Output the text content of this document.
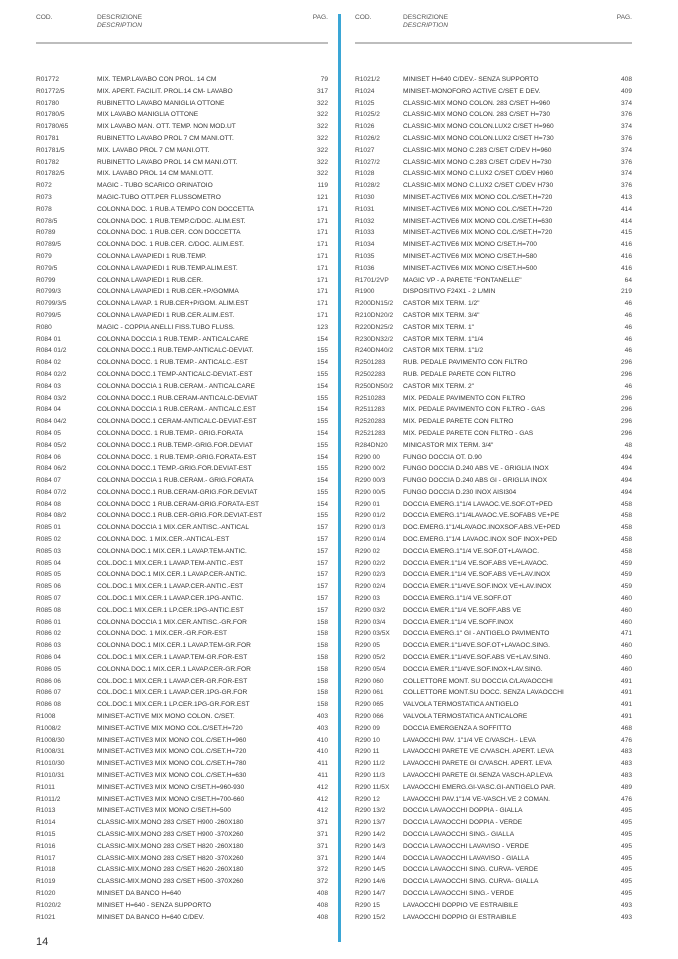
COD.	DESCRIZIONE
DESCRIPTION
PAG.
R01772	MIX. TEMP.LAVABO CON PROL. 14 CM	79
R01772/5	MIX. APERT. FACILIT. PROL.14 CM- LAVABO	317
R01780	RUBINETTO LAVABO MANIGLIA OTTONE	322
R01780/5	MIX LAVABO MANIGLIA OTTONE	322
R01780/65	MIX LAVABO MAN. OTT. TEMP. NON MOD.UT	322
R01781	RUBINETTO LAVABO PROL 7 CM MANI.OTT.	322
R01781/5	MIX. LAVABO PROL 7 CM MANI.OTT.	322
R01782	RUBINETTO LAVABO PROL 14 CM MANI.OTT.	322
R01782/5	MIX. LAVABO PROL 14 CM MANI.OTT.	322
R072	MAGIC - TUBO SCARICO ORINATOIO	119
R073	MAGIC-TUBO OTT.PER FLUSSOMETRO	121
R078	COLONNA DOC. 1 RUB.A TEMPO CON DOCCETTA	171
R078/5	COLONNA DOC. 1 RUB.TEMP.C/DOC. ALIM.EST.	171
R0789	COLONNA DOC. 1 RUB.CER. CON DOCCETTA	171
R0789/5	COLONNA DOC. 1 RUB.CER. C/DOC. ALIM.EST.	171
R079	COLONNA LAVAPIEDI 1 RUB.TEMP.	171
R079/5	COLONNA LAVAPIEDI 1 RUB.TEMP.ALIM.EST.	171
R0799	COLONNA LAVAPIEDI 1 RUB.CER.	171
R0799/3	COLONNA LAVAPIEDI 1 RUB.CER.+P/GOMMA	171
R0799/3/5	COLONNA LAVAP. 1 RUB.CER+P/GOM. ALIM.EST	171
R0799/5	COLONNA LAVAPIEDI 1 RUB.CER.ALIM.EST.	171
R080	MAGIC - COPPIA ANELLI FISS.TUBO FLUSS.	123
R084 01	COLONNA DOCCIA 1 RUB.TEMP.- ANTICALCARE	154
R084 01/2	COLONNA DOCC.1 RUB.TEMP-ANTICALC-DEVIAT.	155
R084 02	COLONNA DOCC. 1 RUB.TEMP.- ANTICALC.-EST	154
R084 02/2	COLONNA DOCC.1 TEMP-ANTICALC-DEVIAT.-EST	155
R084 03	COLONNA DOCCIA 1 RUB.CERAM.- ANTICALCARE	154
R084 03/2	COLONNA DOCC.1 RUB.CERAM-ANTICALC-DEVIAT	155
R084 04	COLONNA DOCCIA 1 RUB.CERAM.- ANTICALC.EST	154
R084 04/2	COLONNA DOCC.1 CERAM-ANTICALC-DEVIAT-EST	155
R084 05	COLONNA DOCC. 1 RUB.TEMP.- GRIG.FORATA	154
R084 05/2	COLONNA DOCC.1 RUB.TEMP.-GRIG.FOR.DEVIAT	155
R084 06	COLONNA DOCC. 1 RUB.TEMP.-GRIG.FORATA-EST	154
R084 06/2	COLONNA DOCC.1 TEMP.-GRIG.FOR.DEVIAT-EST	155
R084 07	COLONNA DOCCIA 1 RUB.CERAM.- GRIG.FORATA	154
R084 07/2	COLONNA DOCC.1 RUB.CERAM-GRIG.FOR.DEVIAT	155
R084 08	COLONNA DOCC 1 RUB.CERAM-GRIG.FORATA-EST	154
R084 08/2	COLONNA DOCC.1 RUB.CER-GRIG.FOR.DEVIAT-EST	155
R085 01	COLONNA DOCCIA 1 MIX.CER.ANTISC.-ANTICAL	157
R085 02	COLONNA DOC. 1 MIX.CER.-ANTICAL-EST	157
R085 03	COLONNA DOC.1 MIX.CER.1 LAVAP.TEM-ANTIC.	157
R085 04	COL.DOC.1 MIX.CER.1 LAVAP.TEM-ANTIC.-EST	157
R085 05	COLONNA DOC.1 MIX.CER.1 LAVAP.CER-ANTIC.	157
R085 06	COL.DOC.1 MIX.CER.1 LAVAP.CER-ANTIC.-EST	157
R085 07	COL.DOC.1 MIX.CER.1 LAVAP.CER.1PG-ANTIC.	157
R085 08	COL.DOC.1 MIX.CER.1 LP.CER.1PG-ANTIC.EST	157
R086 01	COLONNA DOCCIA 1 MIX.CER.ANTISC.-GR.FOR	158
R086 02	COLONNA DOC. 1 MIX.CER.-GR.FOR-EST	158
R086 03	COLONNA DOC.1 MIX.CER.1 LAVAP.TEM-GR.FOR	158
R086 04	COL.DOC.1 MIX.CER.1 LAVAP.TEM-GR.FOR-EST	158
R086 05	COLONNA DOC.1 MIX.CER.1 LAVAP.CER-GR.FOR	158
R086 06	COL.DOC.1 MIX.CER.1 LAVAP.CER-GR.FOR-EST	158
R086 07	COL.DOC.1 MIX.CER.1 LAVAP.CER.1PG-GR.FOR	158
R086 08	COL.DOC.1 MIX.CER.1 LP.CER.1PG-GR.FOR.EST	158
R1008	MINISET-ACTIVE MIX MONO COLON. C/SET.	403
R1008/2	MINISET-ACTIVE MIX MONO COL.C/SET.H=720	403
R1008/30	MINISET-ACTIVE3 MIX MONO COL.C/SET.H=960	410
R1008/31	MINISET-ACTIVE3 MIX MONO COL.C/SET.H=720	410
R1010/30	MINISET-ACTIVE3 MIX MONO COL.C/SET.H=780	411
R1010/31	MINISET-ACTIVE3 MIX MONO COL.C/SET.H=630	411
R1011	MINISET-ACTIVE3 MIX MONO C/SET.H=960-930	412
R1011/2	MINISET-ACTIVE3 MIX MONO C/SET.H=700-660	412
R1013	MINISET-ACTIVE3 MIX MONO C/SET.H=500	412
R1014	CLASSIC-MIX.MONO 283 C/SET H900 -260X180	371
R1015	CLASSIC-MIX.MONO 283 C/SET H900 -370X260	371
R1016	CLASSIC-MIX.MONO 283 C/SET H820 -260X180	371
R1017	CLASSIC-MIX.MONO 283 C/SET H820 -370X260	371
R1018	CLASSIC-MIX.MONO 283 C/SET H620 -260X180	372
R1019	CLASSIC-MIX.MONO 283 C/SET H500 -370X260	372
R1020	MINISET DA BANCO H=640	408
R1020/2	MINISET H=640 - SENZA SUPPORTO	408
R1021	MINISET DA BANCO H=640 C/DEV.	408
COD.	DESCRIZIONE
DESCRIPTION
PAG.
R1021/2	MINISET H=640 C/DEV.- SENZA SUPPORTO	408
R1024	MINISET-MONOFORO ACTIVE C/SET E DEV.	409
R1025	CLASSIC-MIX MONO COLON. 283 C/SET H=960	374
R1025/2	CLASSIC-MIX MONO COLON. 283 C/SET H=730	376
R1026	CLASSIC-MIX MONO COLON.LUX2 C/SET H=960	374
R1026/2	CLASSIC-MIX MONO COLON.LUX2 C/SET H=730	376
R1027	CLASSIC-MIX MONO C.283 C/SET C/DEV H=960	374
R1027/2	CLASSIC-MIX MONO C.283 C/SET C/DEV H=730	376
R1028	CLASSIC-MIX MONO C.LUX2 C/SET C/DEV H960	374
R1028/2	CLASSIC-MIX MONO C.LUX2 C/SET C/DEV H730	376
R1030	MINISET-ACTIVE6 MIX MONO COL.C/SET.H=720	413
R1031	MINISET-ACTIVE6 MIX MONO COL.C/SET.H=720	414
R1032	MINISET-ACTIVE6 MIX MONO COL.C/SET.H=630	414
R1033	MINISET-ACTIVE6 MIX MONO COL.C/SET.H=720	415
R1034	MINISET-ACTIVE6 MIX MONO C/SET.H=700	416
R1035	MINISET-ACTIVE6 MIX MONO C/SET.H=580	416
R1036	MINISET-ACTIVE6 MIX MONO C/SET.H=500	416
R1701/2VP MAGIC VP - A PARETE "FONTANELLE"	64
R1900	DISPOSITIVO F24X1 - 2 L/MIN	219
R200DN15/2 CASTOR MIX TERM. 1/2"	46
R210DN20/2 CASTOR MIX TERM. 3/4"	46
R220DN25/2 CASTOR MIX TERM. 1"	46
R230DN32/2 CASTOR MIX TERM. 1"1/4	46
R240DN40/2 CASTOR MIX TERM. 1"1/2	46
R2501283	RUB. PEDALE PAVIMENTO CON FILTRO	296
R2502283	RUB. PEDALE PARETE CON FILTRO	296
R250DN50/2 CASTOR MIX TERM. 2"	46
R2510283	MIX. PEDALE PAVIMENTO CON FILTRO	296
R2511283	MIX. PEDALE PAVIMENTO CON FILTRO - GAS	296
R2520283	MIX. PEDALE PARETE CON FILTRO	296
R2521283	MIX. PEDALE PARETE CON FILTRO - GAS	296
R284DN20 MINICASTOR MIX TERM. 3/4"	48
R290 00	FUNGO DOCCIA OT. D.90	494
R290 00/2	FUNGO DOCCIA D.240 ABS VE - GRIGLIA INOX	494
R290 00/3	FUNGO DOCCIA D.240 ABS GI - GRIGLIA INOX	494
R290 00/5	FUNGO DOCCIA D.230 INOX AISI304	494
R290 01	DOCCIA EMERG.1"1/4 LAVAOC.VE.SOF.OT+PED	458
R290 01/2	DOCCIA EMERG.1"1/4LAVAOC.VE.SOFABS VE+PE	458
R290 01/3	DOC.EMERG.1"1/4LAVAOC.INOXSOF.ABS.VE+PED	458
R290 01/4	DOC.EMERG.1"1/4 LAVAOC.INOX SOF INOX+PED	458
R290 02	DOCCIA EMERG.1"1/4 VE.SOF.OT+LAVAOC.	458
R290 02/2	DOCCIA EMER.1"1/4 VE.SOF.ABS VE+LAVAOC.	459
R290 02/3	DOCCIA EMER.1"1/4 VE.SOF.ABS VE+LAV.INOX	459
R290 02/4	DOCCIA EMER.1"1/4VE.SOF.INOX VE+LAV.INOX	459
R290 03	DOCCIA EMERG.1"1/4 VE.SOFF.OT	460
R290 03/2	DOCCIA EMER.1"1/4 VE.SOFF.ABS VE	460
R290 03/4	DOCCIA EMER.1"1/4 VE.SOFF.INOX	460
R290 03/5X DOCCIA EMERG.1" GI - ANTIGELO PAVIMENTO	471
R290 05	DOCCIA EMER.1"1/4VE.SOF.OT+LAVAOC.SING.	460
R290 05/2	DOCCIA EMER.1"1/4VE.SOF.ABS VE+LAV.SING.	460
R290 05/4	DOCCIA EMER.1"1/4VE.SOF.INOX+LAV.SING.	460
R290 060	COLLETTORE MONT. SU DOCCIA C/LAVAOCCHI	491
R290 061	COLLETTORE MONT.SU DOCC. SENZA LAVAOCCHI	491
R290 065	VALVOLA TERMOSTATICA ANTIGELO	491
R290 066	VALVOLA TERMOSTATICA ANTICALORE	491
R290 09	DOCCIA EMERGENZA A SOFFITTO	468
R290 10	LAVAOCCHI PAV. 1"1/4 VE C/VASCH.- LEVA	476
R290 11	LAVAOCCHI PARETE VE C/VASCH. APERT. LEVA	483
R290 11/2	LAVAOCCHI PARETE GI C/VASCH. APERT. LEVA	483
R290 11/3	LAVAOCCHI PARETE GI.SENZA VASCH-AP.LEVA	483
R290 11/5X LAVAOCCHI EMERG.GI-VASC.GI-ANTIGELO PAR.	489
R290 12	LAVAOCCHI PAV.1"1/4 VE-VASCH.VE 2 COMAN.	476
R290 13/2	DOCCIA LAVAOCCHI DOPPIA - GIALLA	495
R290 13/7	DOCCIA LAVAOCCHI DOPPIA - VERDE	495
R290 14/2	DOCCIA LAVAOCCHI SING.- GIALLA	495
R290 14/3	DOCCIA LAVAOCCHI LAVAVISO - VERDE	495
R290 14/4	DOCCIA LAVAOCCHI LAVAVISO - GIALLA	495
R290 14/5	DOCCIA LAVAOCCHI SING. CURVA- VERDE	495
R290 14/6	DOCCIA LAVAOCCHI SING. CURVA- GIALLA	495
R290 14/7	DOCCIA LAVAOCCHI SING.- VERDE	495
R290 15	LAVAOCCHI DOPPIO VE ESTRAIBILE	493
R290 15/2	LAVAOCCHI DOPPIO GI ESTRAIBILE	493
14
